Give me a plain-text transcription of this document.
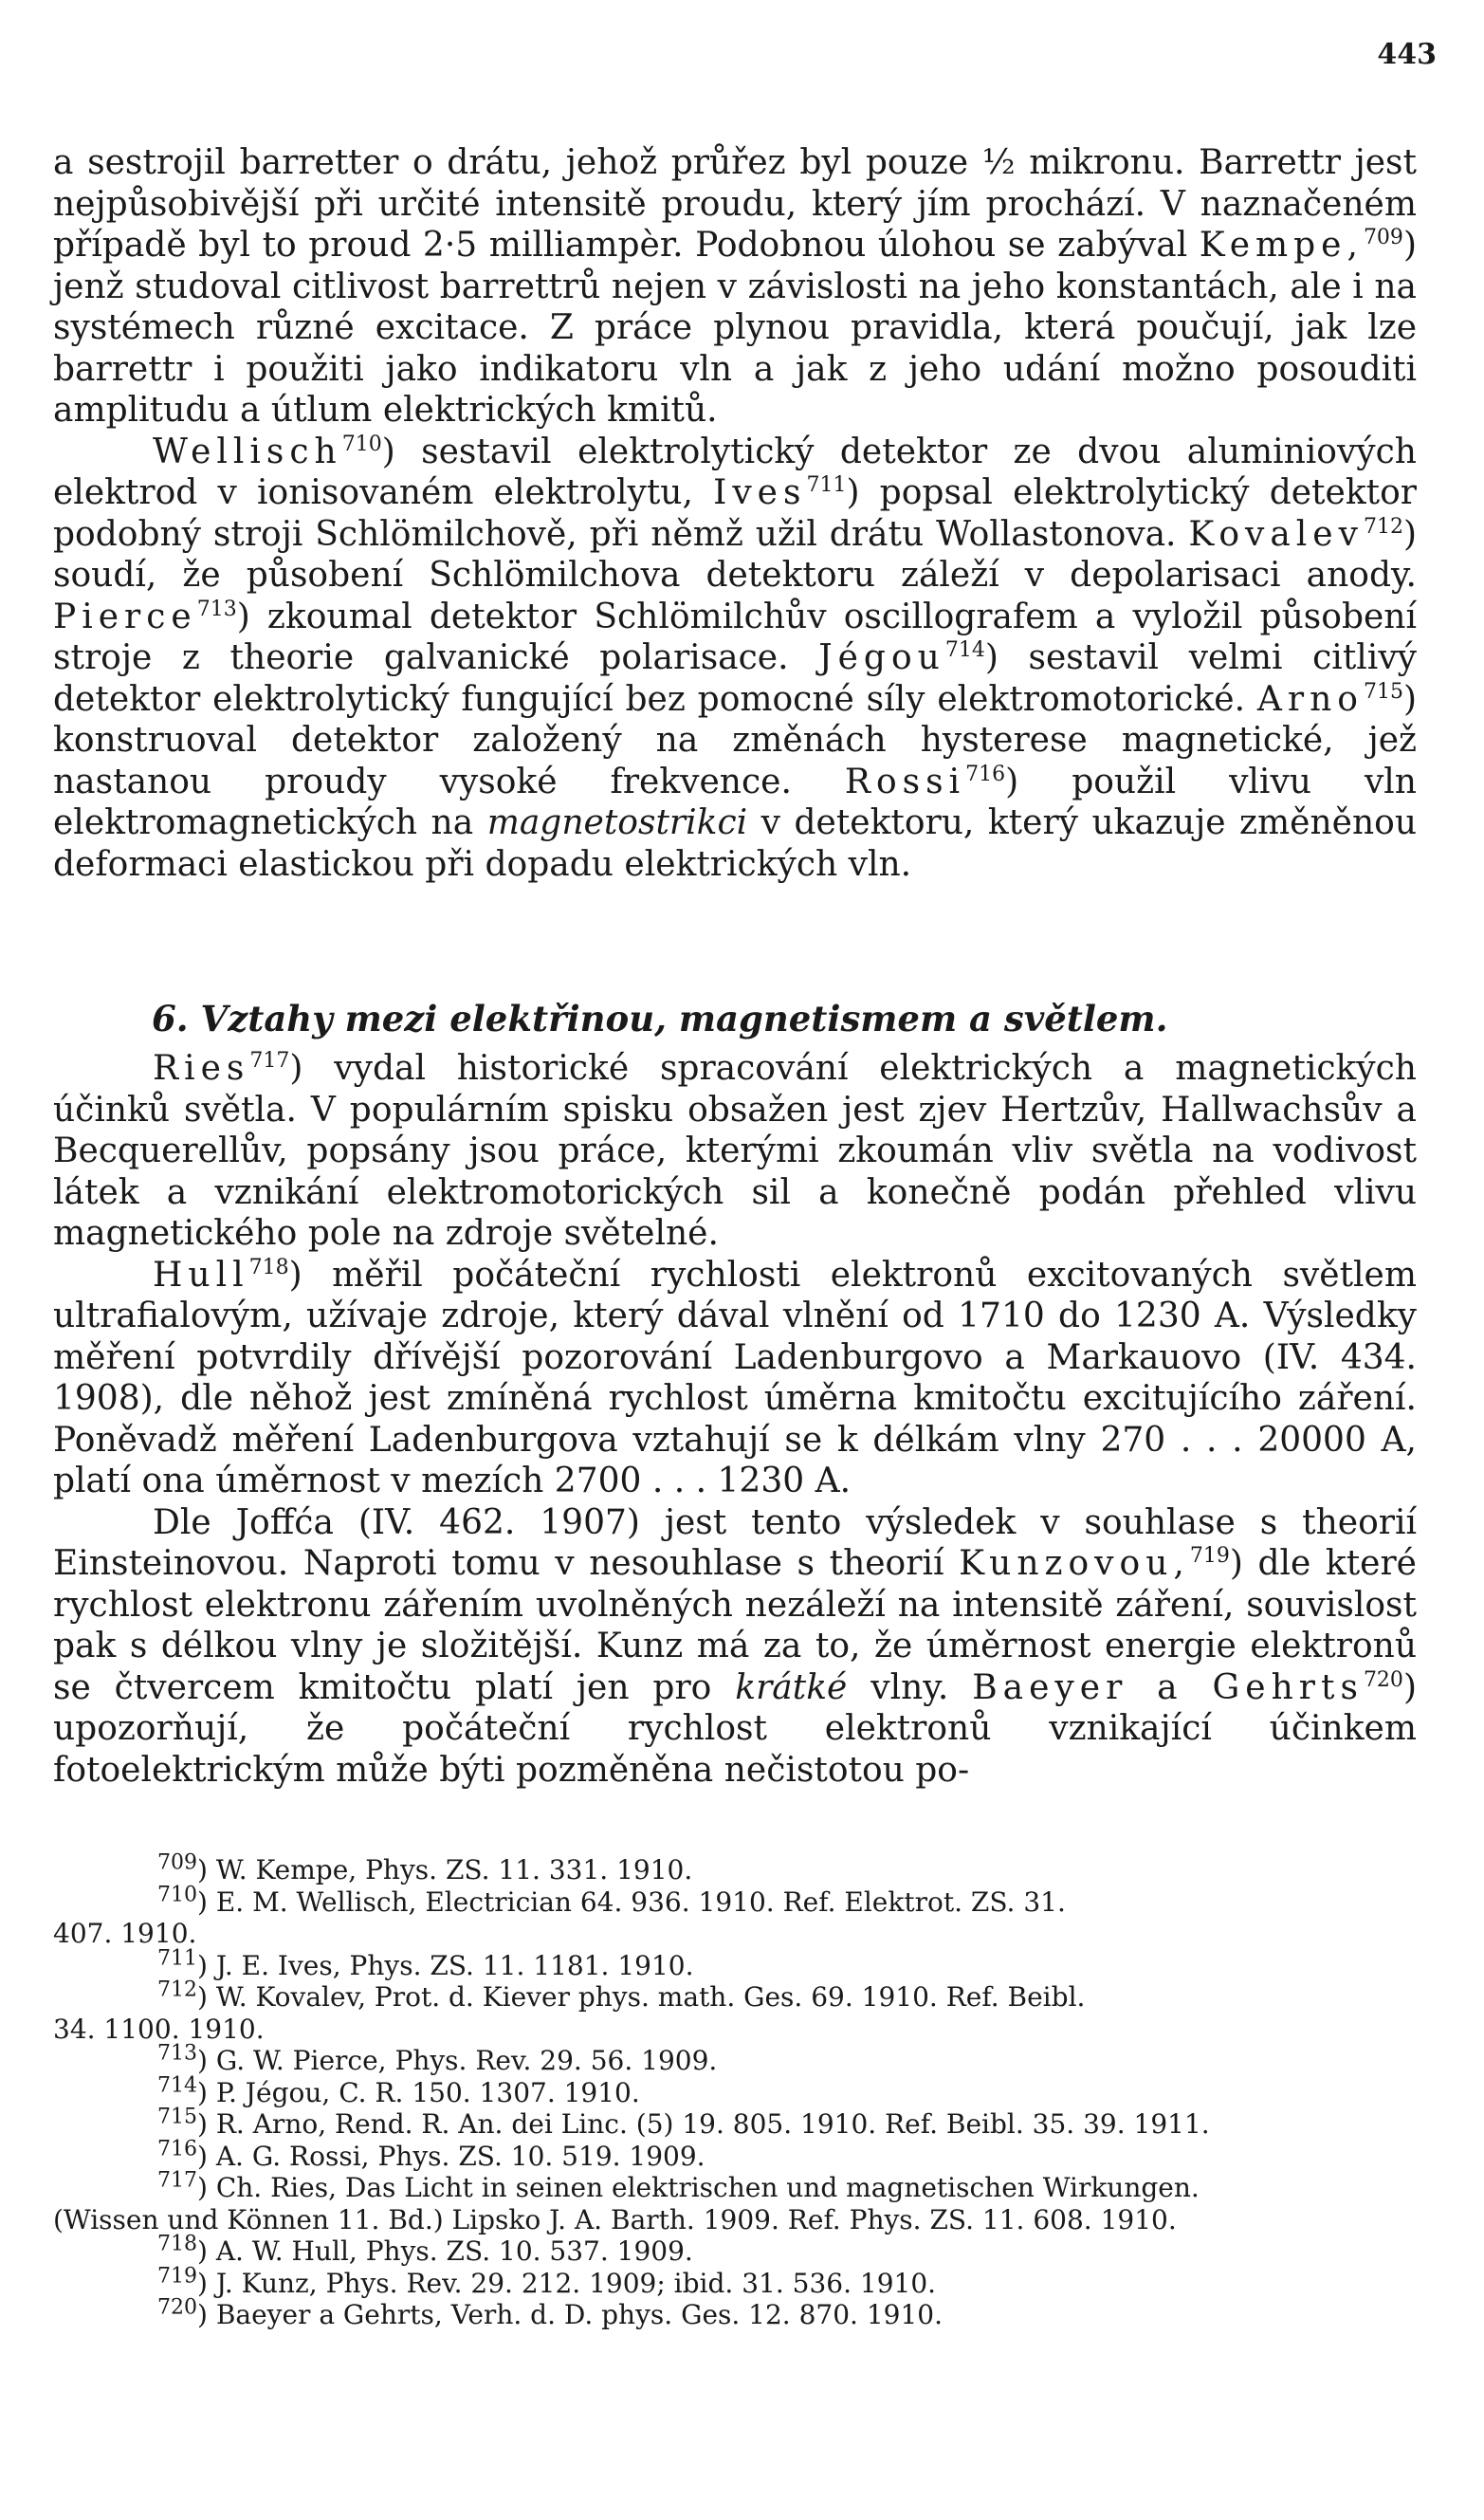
443

a sestrojil barretter o drátu, jehož průřez byl pouze ½ mikronu. Barrettr jest nejpůsobivější při určité intensitě proudu, který jím prochází. V naznačeném případě byl to proud 2·5 milliampèr. Podobnou úlohou se zabýval Kempe,$^{709}$) jenž studoval citlivost barrettrů nejen v závislosti na jeho konstantách, ale i na systémech různé excitace. Z práce plynou pravidla, která poučují, jak lze barrettr i použiti jako indikatoru vln a jak z jeho udání možno posouditi amplitudu a útlum elektrických kmitů.

Wellisch$^{710}$) sestavil elektrolytický detektor ze dvou aluminiových elektrod v ionisovaném elektrolytu, Ives$^{711}$) popsal elektrolytický detektor podobný stroji Schlömilchově, při němž užil drátu Wollastonova. Kovalev$^{712}$) soudí, že působení Schlömilchova detektoru záleží v depolarisaci anody. Pierce$^{713}$) zkoumal detektor Schlömilchův oscillografem a vyložil působení stroje z theorie galvanické polarisace. Jégou$^{714}$) sestavil velmi citlivý detektor elektrolytický fungující bez pomocné síly elektromotorické. Arno$^{715}$) konstruoval detektor založený na změnách hysterese magnetické, jež nastanou proudy vysoké frekvence. Rossi$^{716}$) použil vlivu vln elektromagnetických na magnetostrikci v detektoru, který ukazuje změněnou deformaci elastickou při dopadu elektrických vln.

6. Vztahy mezi elektřinou, magnetismem a světlem.

Ries$^{717}$) vydal historické spracování elektrických a magnetických účinků světla. V populárním spisku obsažen jest zjev Hertzův, Hallwachsův a Becquerellův, popsány jsou práce, kterými zkoumán vliv světla na vodivost látek a vznikání elektromotorických sil a konečně podán přehled vlivu magnetického pole na zdroje světelné.

Hull$^{718}$) měřil počáteční rychlosti elektronů excitovaných světlem ultrafialovým, užívaje zdroje, který dával vlnění od 1710 do 1230 A. Výsledky měření potvrdily dřívější pozorování Ladenburgovo a Markauovo (IV. 434. 1908), dle něhož jest zmíněná rychlost úměrna kmitočtu excitujícího záření. Poněvadž měření Ladenburgova vztahují se k délkám vlny 270 . . . 20000 A, platí ona úměrnost v mezích 2700 . . . 1230 A.

Dle Joffća (IV. 462. 1907) jest tento výsledek v souhlase s theorií Einsteinovou. Naproti tomu v nesouhlase s theorií Kunzovou,$^{719}$) dle které rychlost elektronu zářením uvolněných nezáleží na intensitě záření, souvislost pak s délkou vlny je složitější. Kunz má za to, že úměrnost energie elektronů se čtvercem kmitočtu platí jen pro krátké vlny. Baeyer a Gehrts$^{720}$) upozorňují, že počáteční rychlost elektronů vznikající účinkem fotoelektrickým může býti pozměněna nečistotou po-

$^{709}$) W. Kempe, Phys. ZS. 11. 331. 1910.

$^{710}$) E. M. Wellisch, Electrician 64. 936. 1910. Ref. Elektrot. ZS. 31.
407. 1910.

$^{711}$) J. E. Ives, Phys. ZS. 11. 1181. 1910.

$^{712}$) W. Kovalev, Prot. d. Kiever phys. math. Ges. 69. 1910. Ref. Beibl.
34. 1100. 1910.

$^{713}$) G. W. Pierce, Phys. Rev. 29. 56. 1909.

$^{714}$) P. Jégou, C. R. 150. 1307. 1910.

$^{715}$) R. Arno, Rend. R. An. dei Linc. (5) 19. 805. 1910. Ref. Beibl. 35. 39. 1911.

$^{716}$) A. G. Rossi, Phys. ZS. 10. 519. 1909.

$^{717}$) Ch. Ries, Das Licht in seinen elektrischen und magnetischen Wirkungen.
(Wissen und Können 11. Bd.) Lipsko J. A. Barth. 1909. Ref. Phys. ZS. 11. 608. 1910.

$^{718}$) A. W. Hull, Phys. ZS. 10. 537. 1909.

$^{719}$) J. Kunz, Phys. Rev. 29. 212. 1909; ibid. 31. 536. 1910.

$^{720}$) Baeyer a Gehrts, Verh. d. D. phys. Ges. 12. 870. 1910.
